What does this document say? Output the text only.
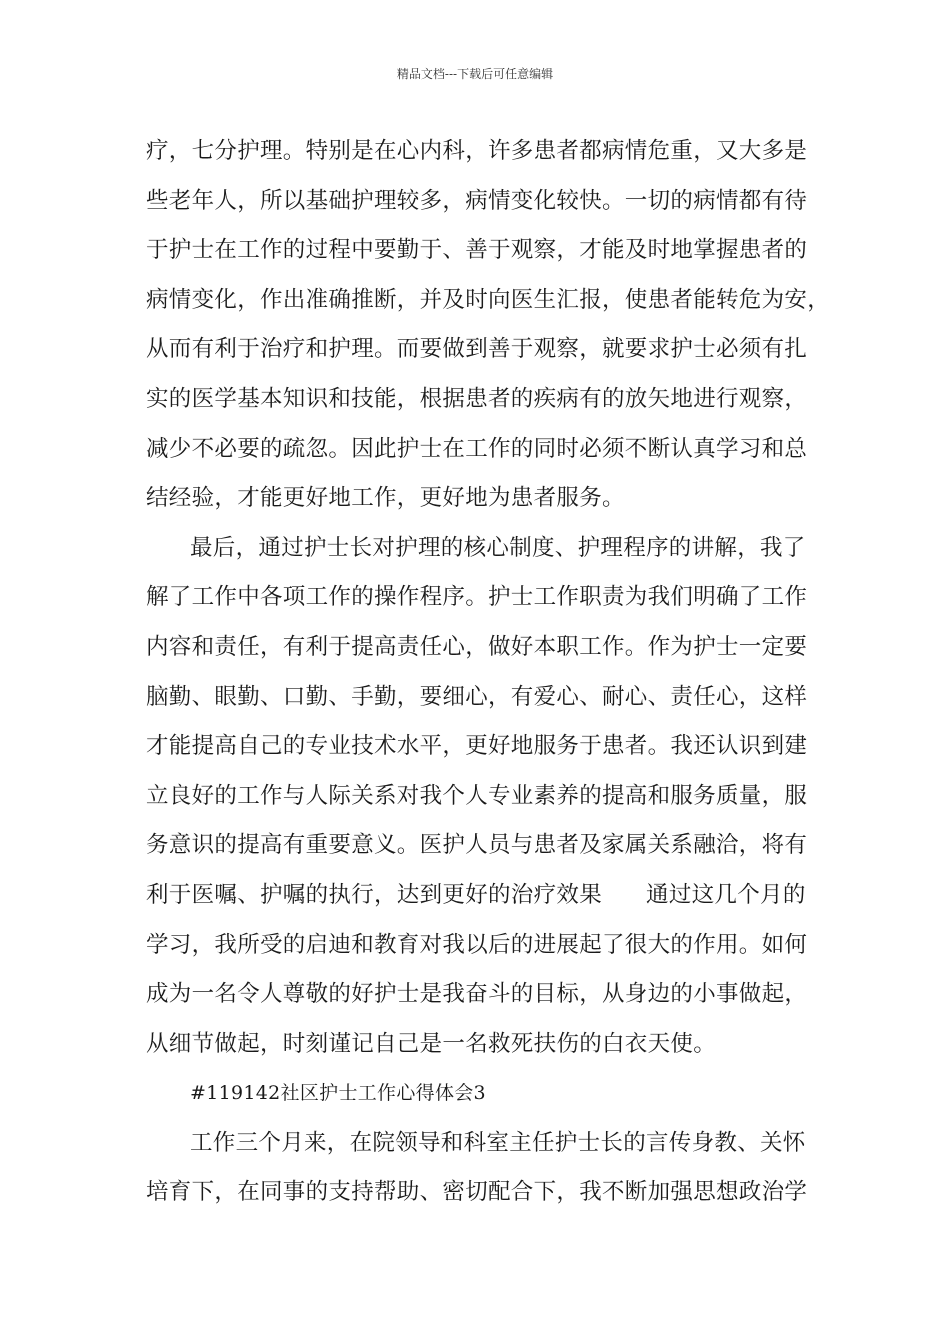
精品文档---下载后可任意编辑
疗，七分护理。特别是在心内科，许多患者都病情危重，又大多是
些老年人，所以基础护理较多，病情变化较快。一切的病情都有待
于护士在工作的过程中要勤于、善于观察，才能及时地掌握患者的
病情变化，作出准确推断，并及时向医生汇报，使患者能转危为安，
从而有利于治疗和护理。而要做到善于观察，就要求护士必须有扎
实的医学基本知识和技能，根据患者的疾病有的放矢地进行观察，
减少不必要的疏忽。因此护士在工作的同时必须不断认真学习和总
结经验，才能更好地工作，更好地为患者服务。
最后，通过护士长对护理的核心制度、护理程序的讲解，我了
解了工作中各项工作的操作程序。护士工作职责为我们明确了工作
内容和责任，有利于提高责任心，做好本职工作。作为护士一定要
脑勤、眼勤、口勤、手勤，要细心，有爱心、耐心、责任心，这样
才能提高自己的专业技术水平，更好地服务于患者。我还认识到建
立良好的工作与人际关系对我个人专业素养的提高和服务质量，服
务意识的提高有重要意义。医护人员与患者及家属关系融洽，将有
利于医嘱、护嘱的执行，达到更好的治疗效果 通过这几个月的
学习，我所受的启迪和教育对我以后的进展起了很大的作用。如何
成为一名令人尊敬的好护士是我奋斗的目标，从身边的小事做起，
从细节做起，时刻谨记自己是一名救死扶伤的白衣天使。
#119142社区护士工作心得体会3
工作三个月来，在院领导和科室主任护士长的言传身教、关怀
培育下，在同事的支持帮助、密切配合下，我不断加强思想政治学
